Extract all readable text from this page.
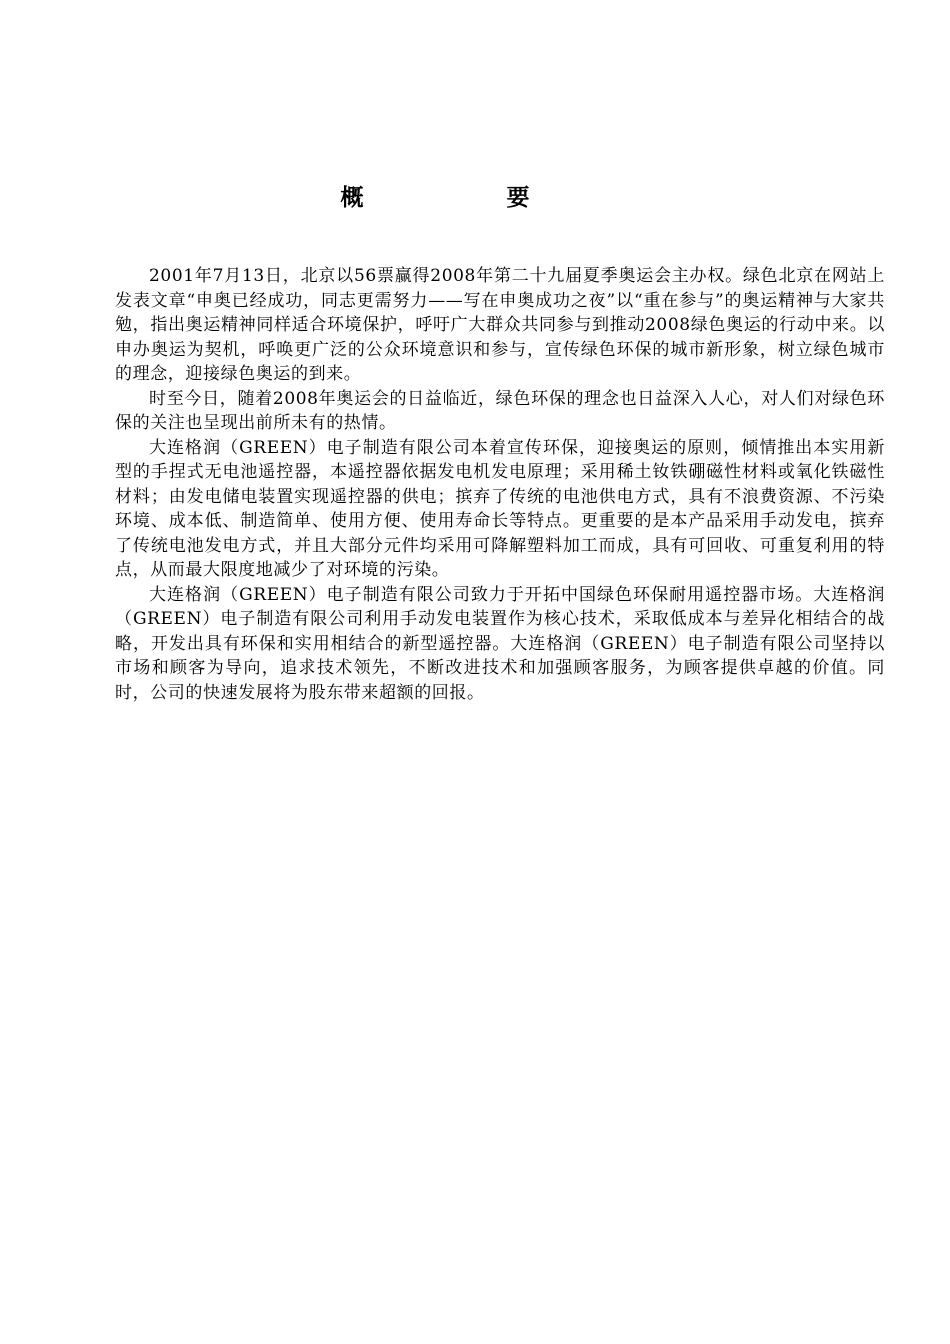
概　要

2001年7月13日，北京以56票赢得2008年第二十九届夏季奥运会主办权。绿色北京在网站上发表文章“申奥已经成功，同志更需努力——写在申奥成功之夜”以“重在参与”的奥运精神与大家共勉，指出奥运精神同样适合环境保护，呼吁广大群众共同参与到推动2008绿色奥运的行动中来。以申办奥运为契机，呼唤更广泛的公众环境意识和参与，宣传绿色环保的城市新形象，树立绿色城市的理念，迎接绿色奥运的到来。

时至今日，随着2008年奥运会的日益临近，绿色环保的理念也日益深入人心，对人们对绿色环保的关注也呈现出前所未有的热情。

大连格润（GREEN）电子制造有限公司本着宣传环保，迎接奥运的原则，倾情推出本实用新型的手捏式无电池遥控器，本遥控器依据发电机发电原理；采用稀土钕铁硼磁性材料或氧化铁磁性材料；由发电储电装置实现遥控器的供电；摈弃了传统的电池供电方式，具有不浪费资源、不污染环境、成本低、制造简单、使用方便、使用寿命长等特点。更重要的是本产品采用手动发电，摈弃了传统电池发电方式，并且大部分元件均采用可降解塑料加工而成，具有可回收、可重复利用的特点，从而最大限度地减少了对环境的污染。

大连格润（GREEN）电子制造有限公司致力于开拓中国绿色环保耐用遥控器市场。大连格润（GREEN）电子制造有限公司利用手动发电装置作为核心技术，采取低成本与差异化相结合的战略，开发出具有环保和实用相结合的新型遥控器。大连格润（GREEN）电子制造有限公司坚持以市场和顾客为导向，追求技术领先，不断改进技术和加强顾客服务，为顾客提供卓越的价值。同时，公司的快速发展将为股东带来超额的回报。
